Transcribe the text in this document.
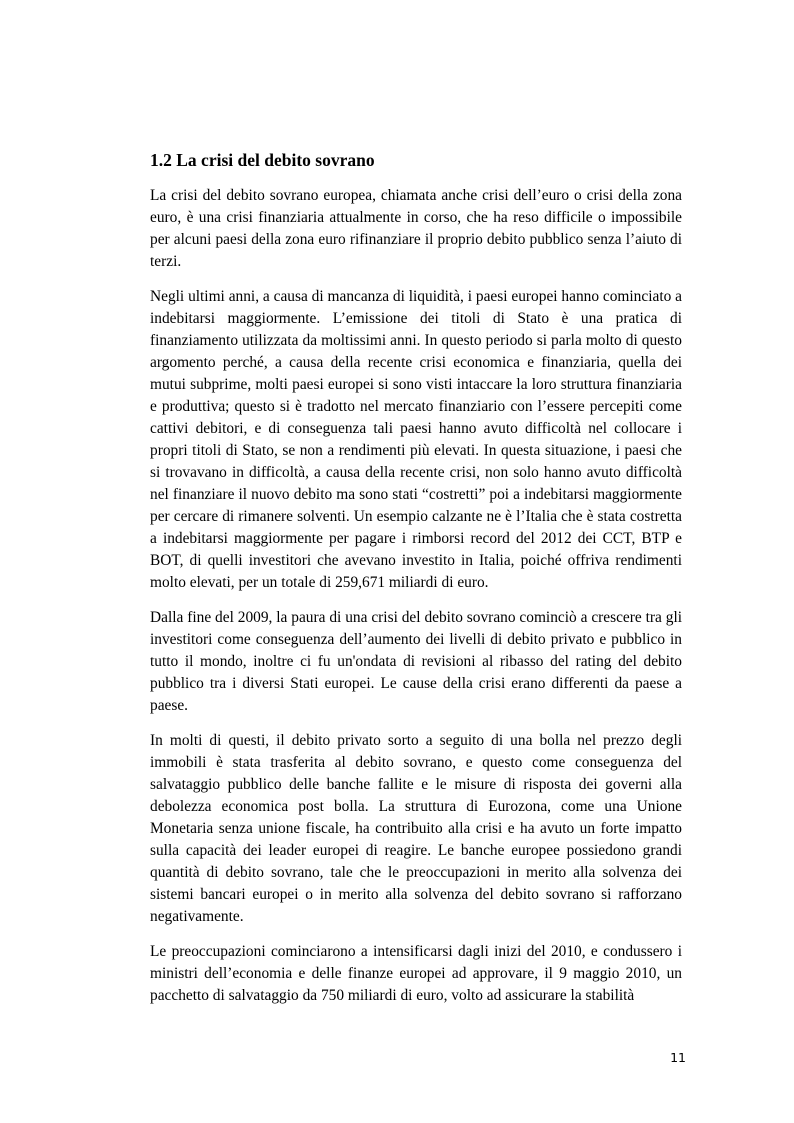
1.2 La crisi del debito sovrano

La crisi del debito sovrano europea, chiamata anche crisi dell’euro o crisi della zona euro, è una crisi finanziaria attualmente in corso, che ha reso difficile o impossibile per alcuni paesi della zona euro rifinanziare il proprio debito pubblico senza l’aiuto di terzi.

Negli ultimi anni, a causa di mancanza di liquidità, i paesi europei hanno cominciato a indebitarsi maggiormente. L’emissione dei titoli di Stato è una pratica di finanziamento utilizzata da moltissimi anni. In questo periodo si parla molto di questo argomento perché, a causa della recente crisi economica e finanziaria, quella dei mutui subprime, molti paesi europei si sono visti intaccare la loro struttura finanziaria e produttiva; questo si è tradotto nel mercato finanziario con l’essere percepiti come cattivi debitori, e di conseguenza tali paesi hanno avuto difficoltà nel collocare i propri titoli di Stato, se non a rendimenti più elevati. In questa situazione, i paesi che si trovavano in difficoltà, a causa della recente crisi, non solo hanno avuto difficoltà nel finanziare il nuovo debito ma sono stati “costretti” poi a indebitarsi maggiormente per cercare di rimanere solventi. Un esempio calzante ne è l’Italia che è stata costretta a indebitarsi maggiormente per pagare i rimborsi record del 2012 dei CCT, BTP e BOT, di quelli investitori che avevano investito in Italia, poiché offriva rendimenti molto elevati, per un totale di 259,671 miliardi di euro.

Dalla fine del 2009, la paura di una crisi del debito sovrano cominciò a crescere tra gli investitori come conseguenza dell’aumento dei livelli di debito privato e pubblico in tutto il mondo, inoltre ci fu un'ondata di revisioni al ribasso del rating del debito pubblico tra i diversi Stati europei. Le cause della crisi erano differenti da paese a paese.

In molti di questi, il debito privato sorto a seguito di una bolla nel prezzo degli immobili è stata trasferita al debito sovrano, e questo come conseguenza del salvataggio pubblico delle banche fallite e le misure di risposta dei governi alla debolezza economica post bolla. La struttura di Eurozona, come una Unione Monetaria senza unione fiscale, ha contribuito alla crisi e ha avuto un forte impatto sulla capacità dei leader europei di reagire. Le banche europee possiedono grandi quantità di debito sovrano, tale che le preoccupazioni in merito alla solvenza dei sistemi bancari europei o in merito alla solvenza del debito sovrano si rafforzano negativamente.

Le preoccupazioni cominciarono a intensificarsi dagli inizi del 2010, e condussero i ministri dell’economia e delle finanze europei ad approvare, il 9 maggio 2010, un pacchetto di salvataggio da 750 miliardi di euro, volto ad assicurare la stabilità

11
